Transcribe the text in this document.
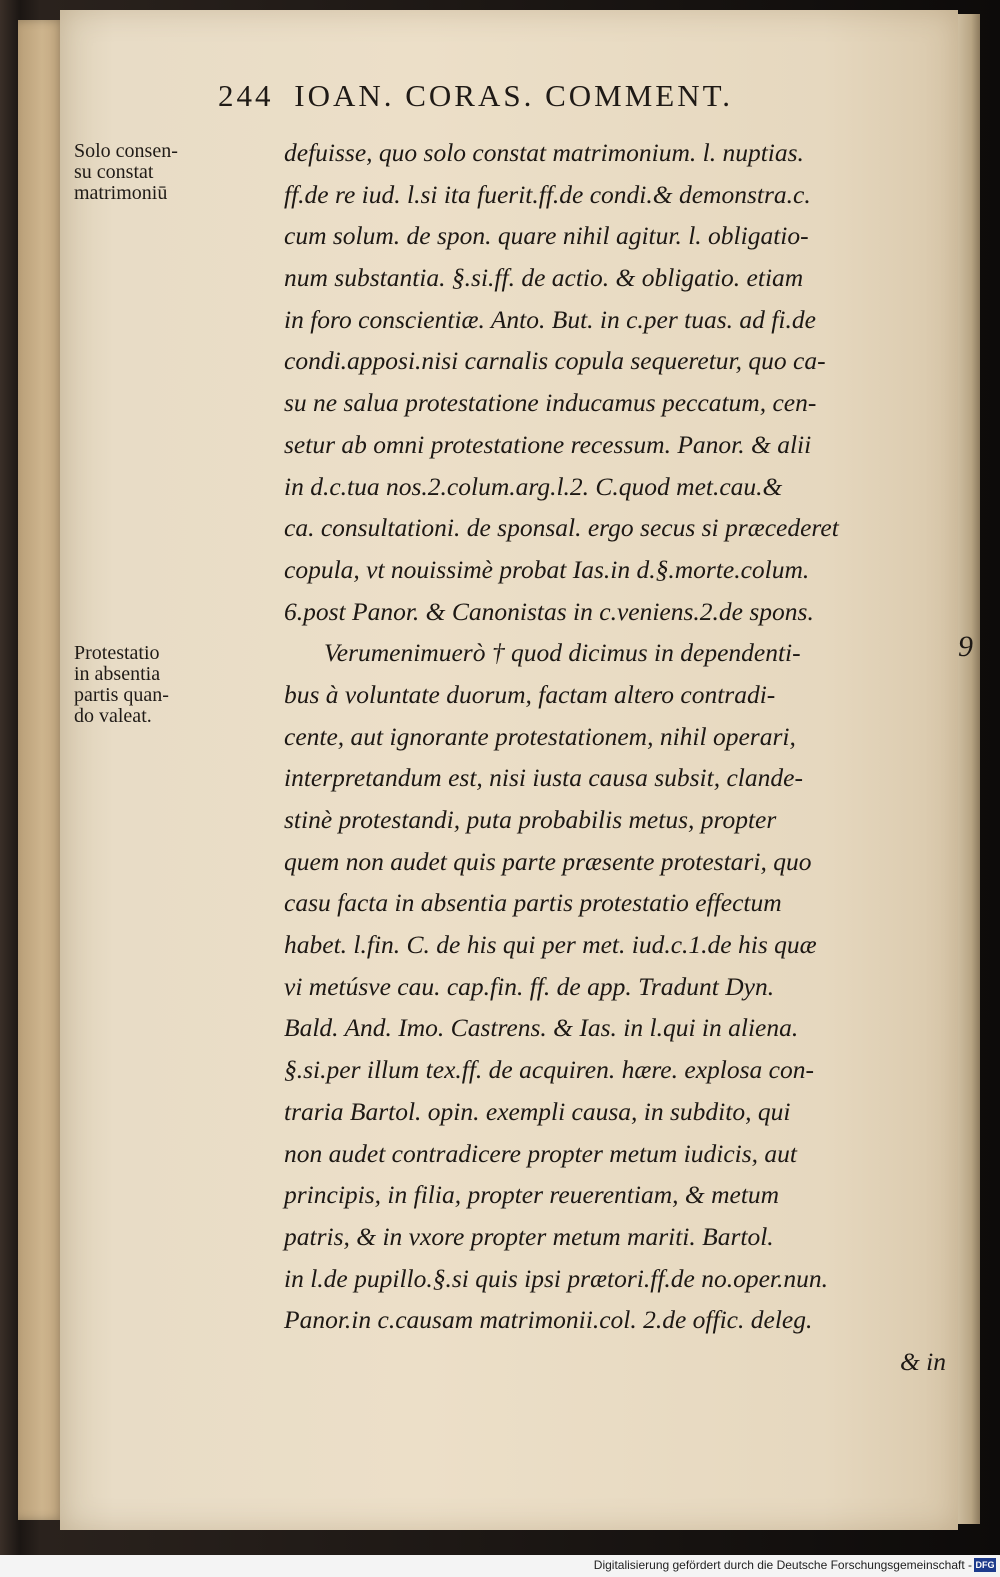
244 IOAN. CORAS. COMMENT.
Solo consen-
su constat
matrimoniū
Protestatio
in absentia
partis quan-
do valeat.
9
defuisse, quo solo constat matrimonium. l. nuptias.
ff.de re iud. l.si ita fuerit.ff.de condi.& demonstra.c.
cum solum. de spon. quare nihil agitur. l. obligatio-
num substantia. §.si.ff. de actio. & obligatio. etiam
in foro conscientiæ. Anto. But. in c.per tuas. ad fi.de
condi.apposi.nisi carnalis copula sequeretur, quo ca-
su ne salua protestatione inducamus peccatum, cen-
setur ab omni protestatione recessum. Panor. & alii
in d.c.tua nos.2.colum.arg.l.2. C.quod met.cau.&
ca. consultationi. de sponsal. ergo secus si præcederet
copula, vt nouissimè probat Ias.in d.§.morte.colum.
6.post Panor. & Canonistas in c.veniens.2.de spons.
Verumenimuerò † quod dicimus in dependenti-
bus à voluntate duorum, factam altero contradi-
cente, aut ignorante protestationem, nihil operari,
interpretandum est, nisi iusta causa subsit, clande-
stinè protestandi, puta probabilis metus, propter
quem non audet quis parte præsente protestari, quo
casu facta in absentia partis protestatio effectum
habet. l.fin. C. de his qui per met. iud.c.1.de his quæ
vi metúsve cau. cap.fin. ff. de app. Tradunt Dyn.
Bald. And. Imo. Castrens. & Ias. in l.qui in aliena.
§.si.per illum tex.ff. de acquiren. hære. explosa con-
traria Bartol. opin. exempli causa, in subdito, qui
non audet contradicere propter metum iudicis, aut
principis, in filia, propter reuerentiam, & metum
patris, & in vxore propter metum mariti. Bartol.
in l.de pupillo.§.si quis ipsi prætori.ff.de no.oper.nun.
Panor.in c.causam matrimonii.col. 2.de offic. deleg.
& in
Digitalisierung gefördert durch die Deutsche Forschungsgemeinschaft - DFG
